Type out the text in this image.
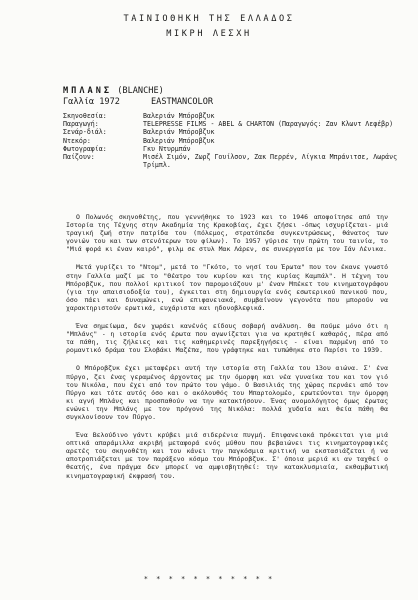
ΤΑΙΝΙΟΘΗΚΗ ΤΗΣ ΕΛΛΑΔΟΣ
ΜΙΚΡΗ ΛΕΣΧΗ
ΜΠΛΑΝΣ (BLANCHE)
Γαλλία 1972	EASTMANCOLOR
Σκηνοθεσία:	Βαλεριάν Μπόροβζυκ
Παραγωγή:	TELEPRESSE FILMS - ABEL & CHARTON (Παραγωγός: Ζαν Κλωντ Λεφέβρ)
Σενάρ-διάλ:	Βαλεριάν Μπόροβζυκ
Ντεκόρ:	Βαλεριάν Μπόροβζυκ
Φωτογραφία:	Γκυ Ντυρμπάν
Παίζουν:	Μισέλ Σιμόν, Ζωρζ Γουίλσον, Ζακ Περρέν, Λίγκια Μπράνιτσε, Λωράνς Τρίμπλ.

Ο Πολωνός σκηνοθέτης, που γεννήθηκε το 1923 και το 1946 αποφοίτησε από την Ιστορία της Τέχνης στην Ακαδημία της Κρακοβίας, έχει ζήσει -όπως ισχυρίζεται- μιά τραγική ζωή στην πατρίδα του (πόλεμος, στρατόπεδα συγκεντρώσεως, θάνατος των γονιών του και των στενότερων του φίλων). Το 1957 γύρισε την πρώτη του ταινία, το "Μιά φορά κι έναν καιρό", φιλμ σε στυλ Μακ Λάρεν, σε συνεργασία με τον Ιάν Λένικα.

Μετά γυρίζει το "Ντομ", μετά το "Γκότο, το νησί του Έρωτα" που τον έκανε γνωστό στην Γαλλία μαζί με το "Θέατρο του κυρίου και της κυρίας Καμπάλ". Η τέχνη του Μπόροβζυκ, που πολλοί κριτικοί τον παρομοιάζουν μ' έναν Μπέκετ του κινηματογράφου (για την απαισιοδοξία του), έγκειται στη δημιουργία ενός εσωτερικού πανικού που, όσο πάει και δυναμώνει, ενώ επιφανειακά, συμβαίνουν γεγονότα που μπορούν να χαρακτηριστούν ερωτικά, ευχάριστα και ηδονοβλεφικά.

Ένα σημείωμα, δεν χωράει κανένός είδους σοβαρή ανάλυση. Θα πούμε μόνο ότι η "Μπλάνς" - η ιστορία ενός έρωτα που αγωνίζεται για να κρατηθεί καθαρός, πέρα από τα πάθη, τις ζήλειες και τις καθημερινές παρεξηγήσεις - είναι παρμένη από το ρομαντικό δράμα του Σλοβάκι Μαζέπα, που γράφτηκε και τυπώθηκε στο Παρίσι το 1939.

Ο Μπόροβζυκ έχει μεταφέρει αυτή την ιστορία στη Γαλλία του 13ου αιώνα. Σ' ένα πύργο, ζει ένας γεραμένος άρχοντας με την όμορφη και νέα γυναίκα του και τον γιό του Νικόλα, που έχει από τον πρώτο του γάμο. Ο Βασιλιάς της χώρας περνάει από τον Πύργο και τότε αυτός όσο και ο ακόλουθός του Μπαρτολομέο, ερωτεύονται την όμορφη κι αγνή Μπλάνς και προσπαθούν να την κατακτήσουν. Ένας ανομολόγητος όμως έρωτας ενώνει την Μπλάνς με τον πρόγονό της Νικόλα: πολλά χυδαία και θεία πάθη θα συγκλονίσουν τον Πύργο.

Ένα Βελούδινο γάντι κρύβει μιά σιδερένια πυγμή. Επιφανειακά πρόκειται για μιά οπτικά απαράμιλλα ακριβή μεταφορά ενός μύθου που βεβαιώνει τις κινηματογραφικές αρετές του σκηνοθέτη και του κάνει την παγκόσμια κριτική να εκστασιάζεται ή να αποτροπιάζεται με τον παράξενο κόσμο του Μπόροβζυκ. Σ' όποια μεριά κι αν ταχθεί ο θεατής, ένα πράγμα δεν μπορεί να αμφισβητηθεί: την κατακλυσμιαία, εκθαμβωτική κινηματογραφική έκφρασή του.

* * * * * * * * * * *
